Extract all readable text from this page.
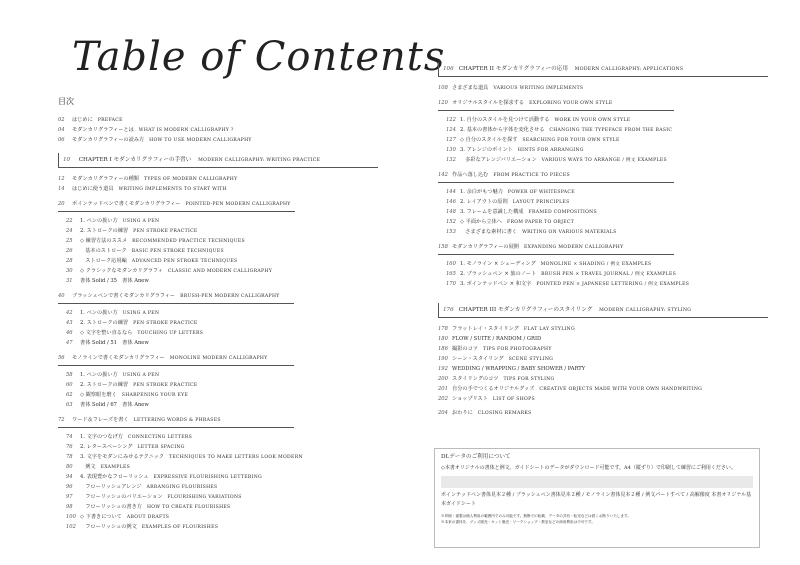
Table of Contents
目次
02 はじめに PREFACE
04 モダンカリグラフィーとは WHAT IS MODERN CALLIGRAPHY ?
06 モダンカリグラフィーの読み方 HOW TO USE MODERN CALLIGRAPHY
10 CHAPTER I モダンカリグラフィーの手習い MODERN CALLIGRAPHY: WRITING PRACTICE
12 モダンカリグラフィーの種類 TYPES OF MODERN CALLIGRAPHY
14 はじめに使う道具 WRITING IMPLEMENTS TO START WITH
20 ポインテッドペンで書くモダンカリグラフィー POINTED-PEN MODERN CALLIGRAPHY
22 1. ペンの扱い方 USING A PEN
24 2. ストロークの練習 PEN STROKE PRACTICE
25 ◇ 練習方法のススメ RECOMMENDED PRACTICE TECHNIQUES
26　基本のストローク BASIC PEN STROKE TECHNIQUES
28　ストローク応用編 ADVANCED PEN STROKE TECHNIQUES
30 ◇ クラシックなモダンカリグラフィ CLASSIC AND MODERN CALLIGRAPHY
31 書体 Solid / 35　書体 Anew
40 ブラッシュペンで書くモダンカリグラフィー BRUSH-PEN MODERN CALLIGRAPHY
42 1. ペンの扱い方 USING A PEN
43 2. ストロークの練習 PEN STROKE PRACTICE
46 ◇ 文字を整い直るなら TOUCHING UP LETTERS
47 書体 Solid / 51　書体 Anew
56 モノラインで書くモダンカリグラフィー MONOLINE MODERN CALLIGRAPHY
58 1. ペンの扱い方 USING A PEN
60 2. ストロークの練習 PEN STROKE PRACTICE
62 ◇ 観察眼を磨く SHARPENING YOUR EYE
63 書体 Solid / 67　書体 Anew
72 ワード＆フレーズを書く LETTERING WORDS & PHRASES
74 1. 文字のつなげ方 CONNECTING LETTERS
76 2. レタースペーシング LETTER SPACING
78 3. 文字をモダンにみせるテクニック TECHNIQUES TO MAKE LETTERS LOOK MODERN
80　例文 EXAMPLES
94 4. 表現豊かなフローリッシュ EXPRESSIVE FLOURISHING LETTERING
96　フローリッシュアレンジ ARRANGING FLOURISHES
97　フローリッシュのバリエーション FLOURISHING VARIATIONS
98　フローリッシュの書き方 HOW TO CREATE FLOURISHES
100 ◇ 下書きについて ABOUT DRAFTS
102　フローリッシュの例文 EXAMPLES OF FLOURISHES
106 CHAPTER II モダンカリグラフィーの応用 MODERN CALLIGRAPHY: APPLICATIONS
108 さまざまな道具 VARIOUS WRITING IMPLEMENTS
120 オリジナルスタイルを探求する EXPLORING YOUR OWN STYLE
122 1. 自分のスタイルを見つけて活動する WORK IN YOUR OWN STYLE
124 2. 基本の書体から字体を変化させる CHANGING THE TYPEFACE FROM THE BASIC
127 ◇ 自分のスタイルを探す SEARCHING FOR YOUR OWN STYLE
130 3. アレンジのポイント HINTS FOR ARRANGING
132　多彩なアレンジバリエーション VARIOUS WAYS TO ARRANGE / 例文 EXAMPLES
142 作品へ落し込む FROM PRACTICE TO PIECES
144 1. 余白がもつ魅力 POWER OF WHITESPACE
146 2. レイアウトの原則 LAYOUT PRINCIPLES
148 3. フレームを意識した構成 FRAMED COMPOSITIONS
152 ◇ 平面から立体へ FROM PAPER TO OBJECT
153　さまざまな素材に書く WRITING ON VARIOUS MATERIALS
158 モダンカリグラフィーの展開 EXPANDING MODERN CALLIGRAPHY
160 1. モノライン × シェーディング MONOLINE × SHADING / 例文 EXAMPLES
165 2. ブラッシュペン × 旅のノート BRUSH PEN × TRAVEL JOURNAL / 例文 EXAMPLES
170 3. ポインテッドペン × 和文字 POINTED PEN × JAPANESE LETTERING / 例文 EXAMPLES
176 CHAPTER III モダンカリグラフィーのスタイリング MODERN CALLIGRAPHY: STYLING
178 フラットレイ・スタイリング FLAT LAY STYLING
180 FLOW / SUITE / RANDOM / GRID
186 撮影のコツ TIPS FOR PHOTOGRAPHY
190 シーン・スタイリング SCENE STYLING
192 WEDDING / WRAPPING / BABY SHOWER / PARTY
200 スタイリングのコツ TIPS FOR STYLING
201 自分の手でつくるオリジナルグッズ CREATIVE OBJECTS MADE WITH YOUR OWN HANDWRITING
202 ショップリスト LIST OF SHOPS
204 おわりに CLOSING REMARKS
DLデータのご利用について
◇本書オリジナルの書体と例文、ガイドシートのデータがダウンロード可能です。A4（縦ずり）で印刷して練習にご利用ください。
ポインテッドペン書体見本２種 / ブラッシュペン書体見本２種 / モノライン書体見本２種 / 例文パートすべて / 高解像度 本書オリジナル基本ガイドシート
※印刷・複製は個人利用の範囲内でのみ可能です。無断での転載、データの共有・転売などは固くお断りいたします。
※本来の書体を、グッズ販売・キット販売・ワークショップ・教室などの商用利用は不可です。
